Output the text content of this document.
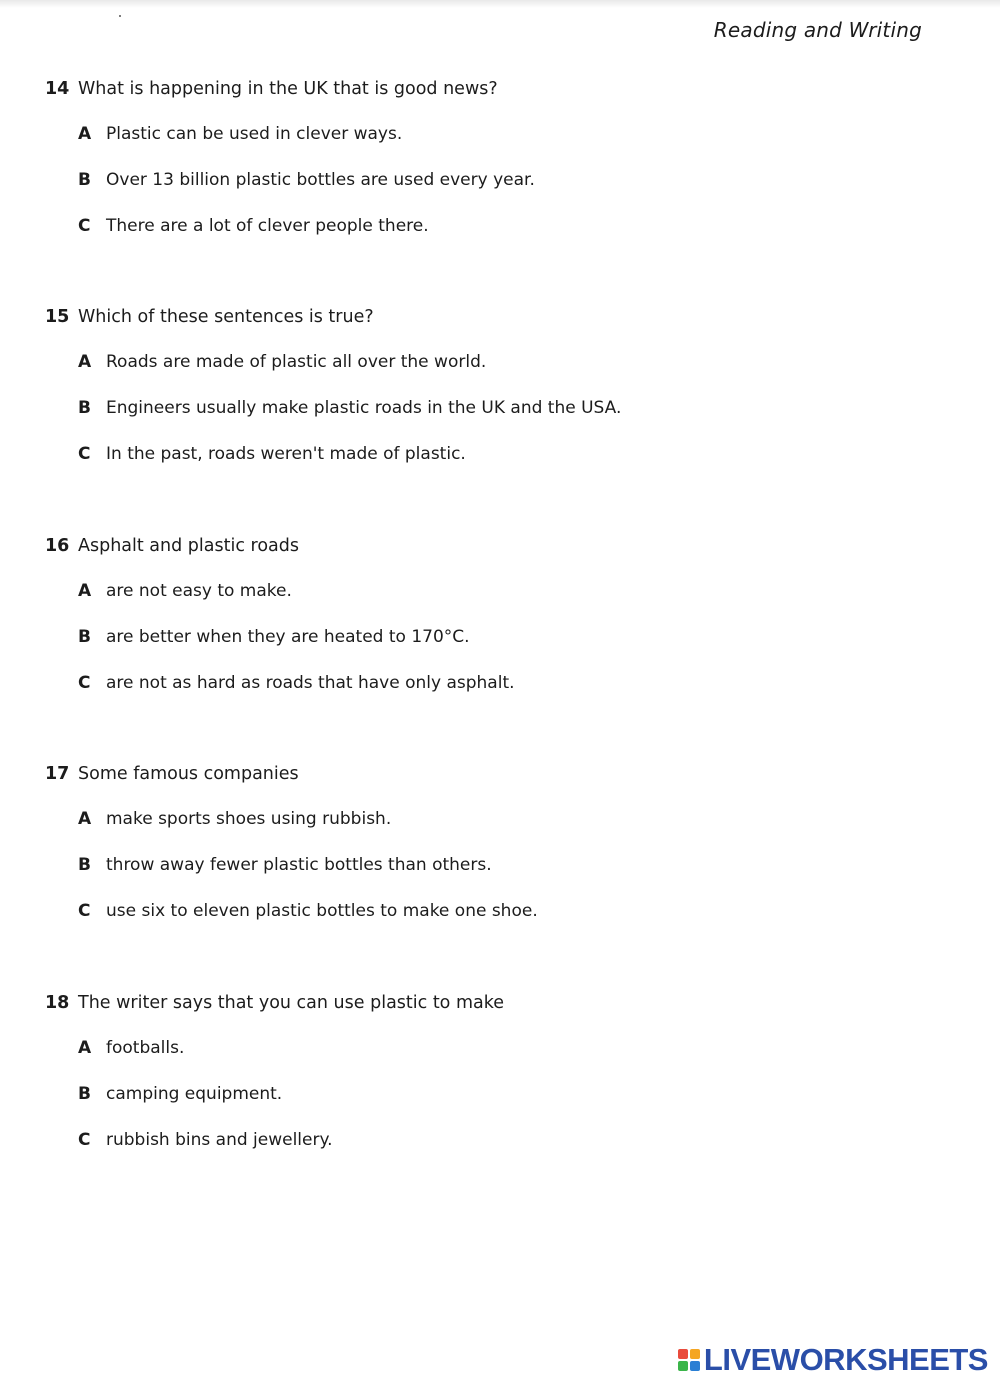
Reading and Writing
14 What is happening in the UK that is good news?
A Plastic can be used in clever ways.
B Over 13 billion plastic bottles are used every year.
C There are a lot of clever people there.
15 Which of these sentences is true?
A Roads are made of plastic all over the world.
B Engineers usually make plastic roads in the UK and the USA.
C In the past, roads weren't made of plastic.
16 Asphalt and plastic roads
A are not easy to make.
B are better when they are heated to 170°C.
C are not as hard as roads that have only asphalt.
17 Some famous companies
A make sports shoes using rubbish.
B throw away fewer plastic bottles than others.
C use six to eleven plastic bottles to make one shoe.
18 The writer says that you can use plastic to make
A footballs.
B camping equipment.
C rubbish bins and jewellery.
LIVEWORKSHEETS
